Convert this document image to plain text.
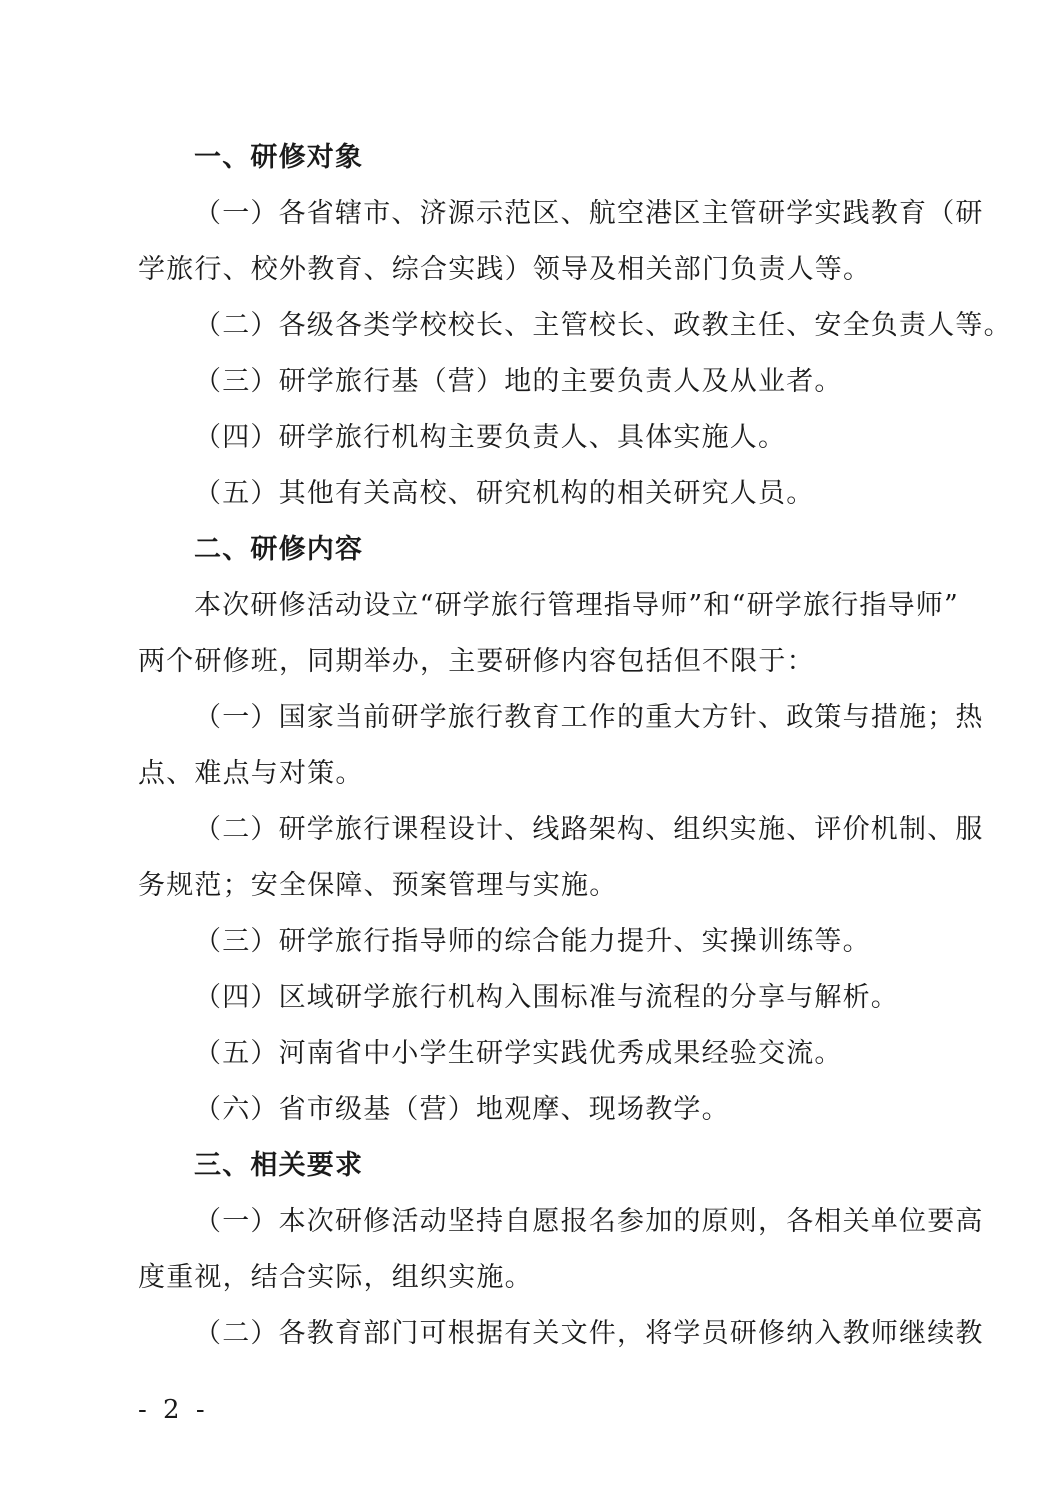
一、研修对象
（一）各省辖市、济源示范区、航空港区主管研学实践教育（研
学旅行、校外教育、综合实践）领导及相关部门负责人等。
（二）各级各类学校校长、主管校长、政教主任、安全负责人等。
（三）研学旅行基（营）地的主要负责人及从业者。
（四）研学旅行机构主要负责人、具体实施人。
（五）其他有关高校、研究机构的相关研究人员。
二、研修内容
本次研修活动设立“研学旅行管理指导师”和“研学旅行指导师”
两个研修班，同期举办，主要研修内容包括但不限于：
（一）国家当前研学旅行教育工作的重大方针、政策与措施；热
点、难点与对策。
（二）研学旅行课程设计、线路架构、组织实施、评价机制、服
务规范；安全保障、预案管理与实施。
（三）研学旅行指导师的综合能力提升、实操训练等。
（四）区域研学旅行机构入围标准与流程的分享与解析。
（五）河南省中小学生研学实践优秀成果经验交流。
（六）省市级基（营）地观摩、现场教学。
三、相关要求
（一）本次研修活动坚持自愿报名参加的原则，各相关单位要高
度重视，结合实际，组织实施。
（二）各教育部门可根据有关文件，将学员研修纳入教师继续教
- 2 -
